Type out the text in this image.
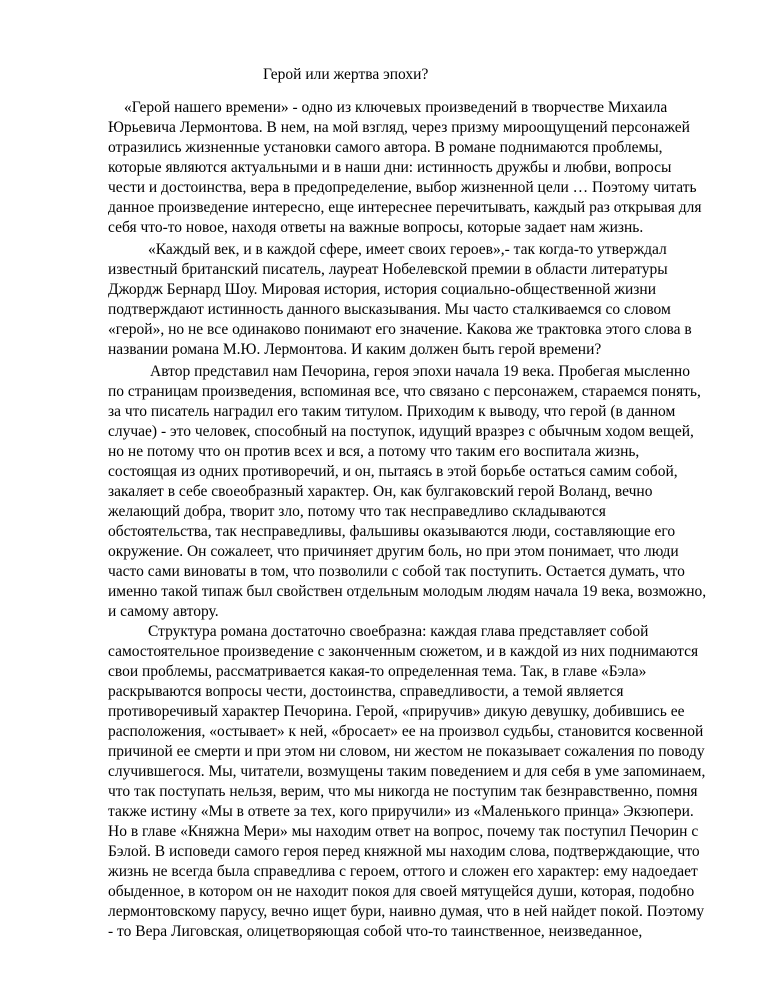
Герой или жертва эпохи?
«Герой нашего времени» - одно из ключевых произведений в творчестве Михаила
Юрьевича Лермонтова. В нем, на мой взгляд, через призму мироощущений персонажей
отразились жизненные установки самого автора. В романе поднимаются проблемы,
которые являются актуальными и в наши дни: истинность дружбы и любви, вопросы
чести и достоинства, вера в предопределение, выбор жизненной цели … Поэтому читать
данное произведение интересно, еще интереснее перечитывать, каждый раз открывая для
себя что-то новое, находя ответы на важные вопросы, которые задает нам жизнь.
«Каждый век, и в каждой сфере, имеет своих героев»,- так когда-то утверждал
известный британский писатель, лауреат Нобелевской премии в области литературы
Джордж Бернард Шоу. Мировая история, история социально-общественной жизни
подтверждают истинность данного высказывания. Мы часто сталкиваемся со словом
«герой», но не все одинаково понимают его значение. Какова же трактовка этого слова в
названии романа М.Ю. Лермонтова. И каким должен быть герой времени?
Автор представил нам Печорина, героя эпохи начала 19 века. Пробегая мысленно
по страницам произведения, вспоминая все, что связано с персонажем, стараемся понять,
за что писатель наградил его таким титулом. Приходим к выводу, что герой (в данном
случае) - это человек, способный на поступок, идущий вразрез с обычным ходом вещей,
но не потому что он против всех и вся, а потому что таким его воспитала жизнь,
состоящая из одних противоречий, и он, пытаясь в этой борьбе остаться самим собой,
закаляет в себе своеобразный характер. Он, как булгаковский герой Воланд, вечно
желающий добра, творит зло, потому что так несправедливо складываются
обстоятельства, так несправедливы, фальшивы оказываются люди, составляющие его
окружение. Он сожалеет, что причиняет другим боль, но при этом понимает, что люди
часто сами виноваты в том, что позволили с собой так поступить. Остается думать, что
именно такой типаж был свойствен отдельным молодым людям начала 19 века, возможно,
и самому автору.
Структура романа достаточно своебразна: каждая глава представляет собой
самостоятельное произведение с законченным сюжетом, и в каждой из них поднимаются
свои проблемы, рассматривается какая-то определенная тема. Так, в главе «Бэла»
раскрываются вопросы чести, достоинства, справедливости, а темой является
противоречивый характер Печорина. Герой, «приручив» дикую девушку, добившись ее
расположения, «остывает» к ней, «бросает» ее на произвол судьбы, становится косвенной
причиной ее смерти и при этом ни словом, ни жестом не показывает сожаления по поводу
случившегося. Мы, читатели, возмущены таким поведением и для себя в уме запоминаем,
что так поступать нельзя, верим, что мы никогда не поступим так безнравственно, помня
также истину «Мы в ответе за тех, кого приручили» из «Маленького принца» Экзюпери.
Но в главе «Княжна Мери» мы находим ответ на вопрос, почему так поступил Печорин с
Бэлой. В исповеди самого героя перед княжной мы находим слова, подтверждающие, что
жизнь не всегда была справедлива с героем, оттого и сложен его характер: ему надоедает
обыденное, в котором он не находит покоя для своей мятущейся души, которая, подобно
лермонтовскому парусу, вечно ищет бури, наивно думая, что в ней найдет покой. Поэтому
- то Вера Лиговская, олицетворяющая собой что-то таинственное, неизведанное,
